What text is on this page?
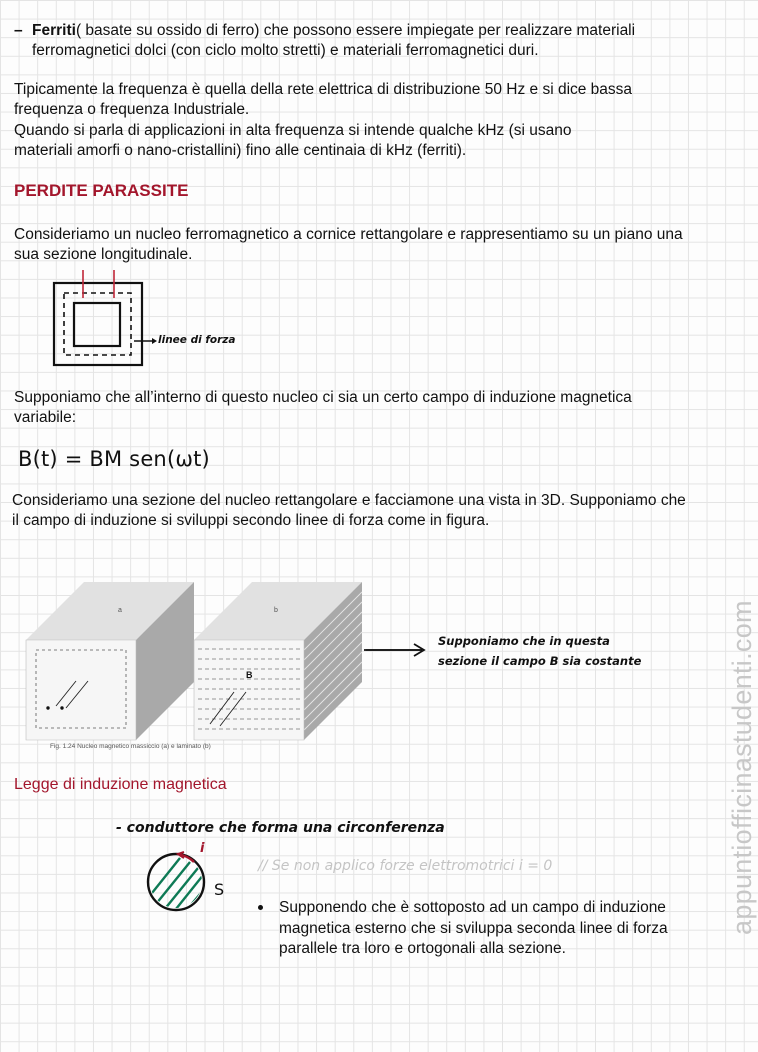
– Ferriti( basate su ossido di ferro) che possono essere impiegate per realizzare materiali
ferromagnetici dolci (con ciclo molto stretti) e materiali ferromagnetici duri.
Tipicamente la frequenza è quella della rete elettrica di distribuzione 50 Hz e si dice bassa
frequenza o frequenza Industriale.
Quando si parla di applicazioni in alta frequenza si intende qualche kHz (si usano
materiali amorfi o nano-cristallini) fino alle centinaia di kHz (ferriti).
PERDITE PARASSITE
Consideriamo un nucleo ferromagnetico a cornice rettangolare e rappresentiamo su un piano una
sua sezione longitudinale.
linee di forza
Supponiamo che all’interno di questo nucleo ci sia un certo campo di induzione magnetica
variabile:
B(t) = BM sen(ωt)
Consideriamo una sezione del nucleo rettangolare e facciamone una vista in 3D. Supponiamo che
il campo di induzione si sviluppi secondo linee di forza come in figura.
a	b
B
Fig. 1.24 Nucleo magnetico massiccio (a) e laminato (b)
Supponiamo che in questa
sezione il campo B sia costante
Legge di induzione magnetica
- conduttore che forma una circonferenza
i
S
// Se non applico forze elettromotrici i = 0
Supponendo che è sottoposto ad un campo di induzione magnetica esterno che si sviluppa seconda linee di forza parallele tra loro e ortogonali alla sezione.
appuntiofficinastudenti.com
